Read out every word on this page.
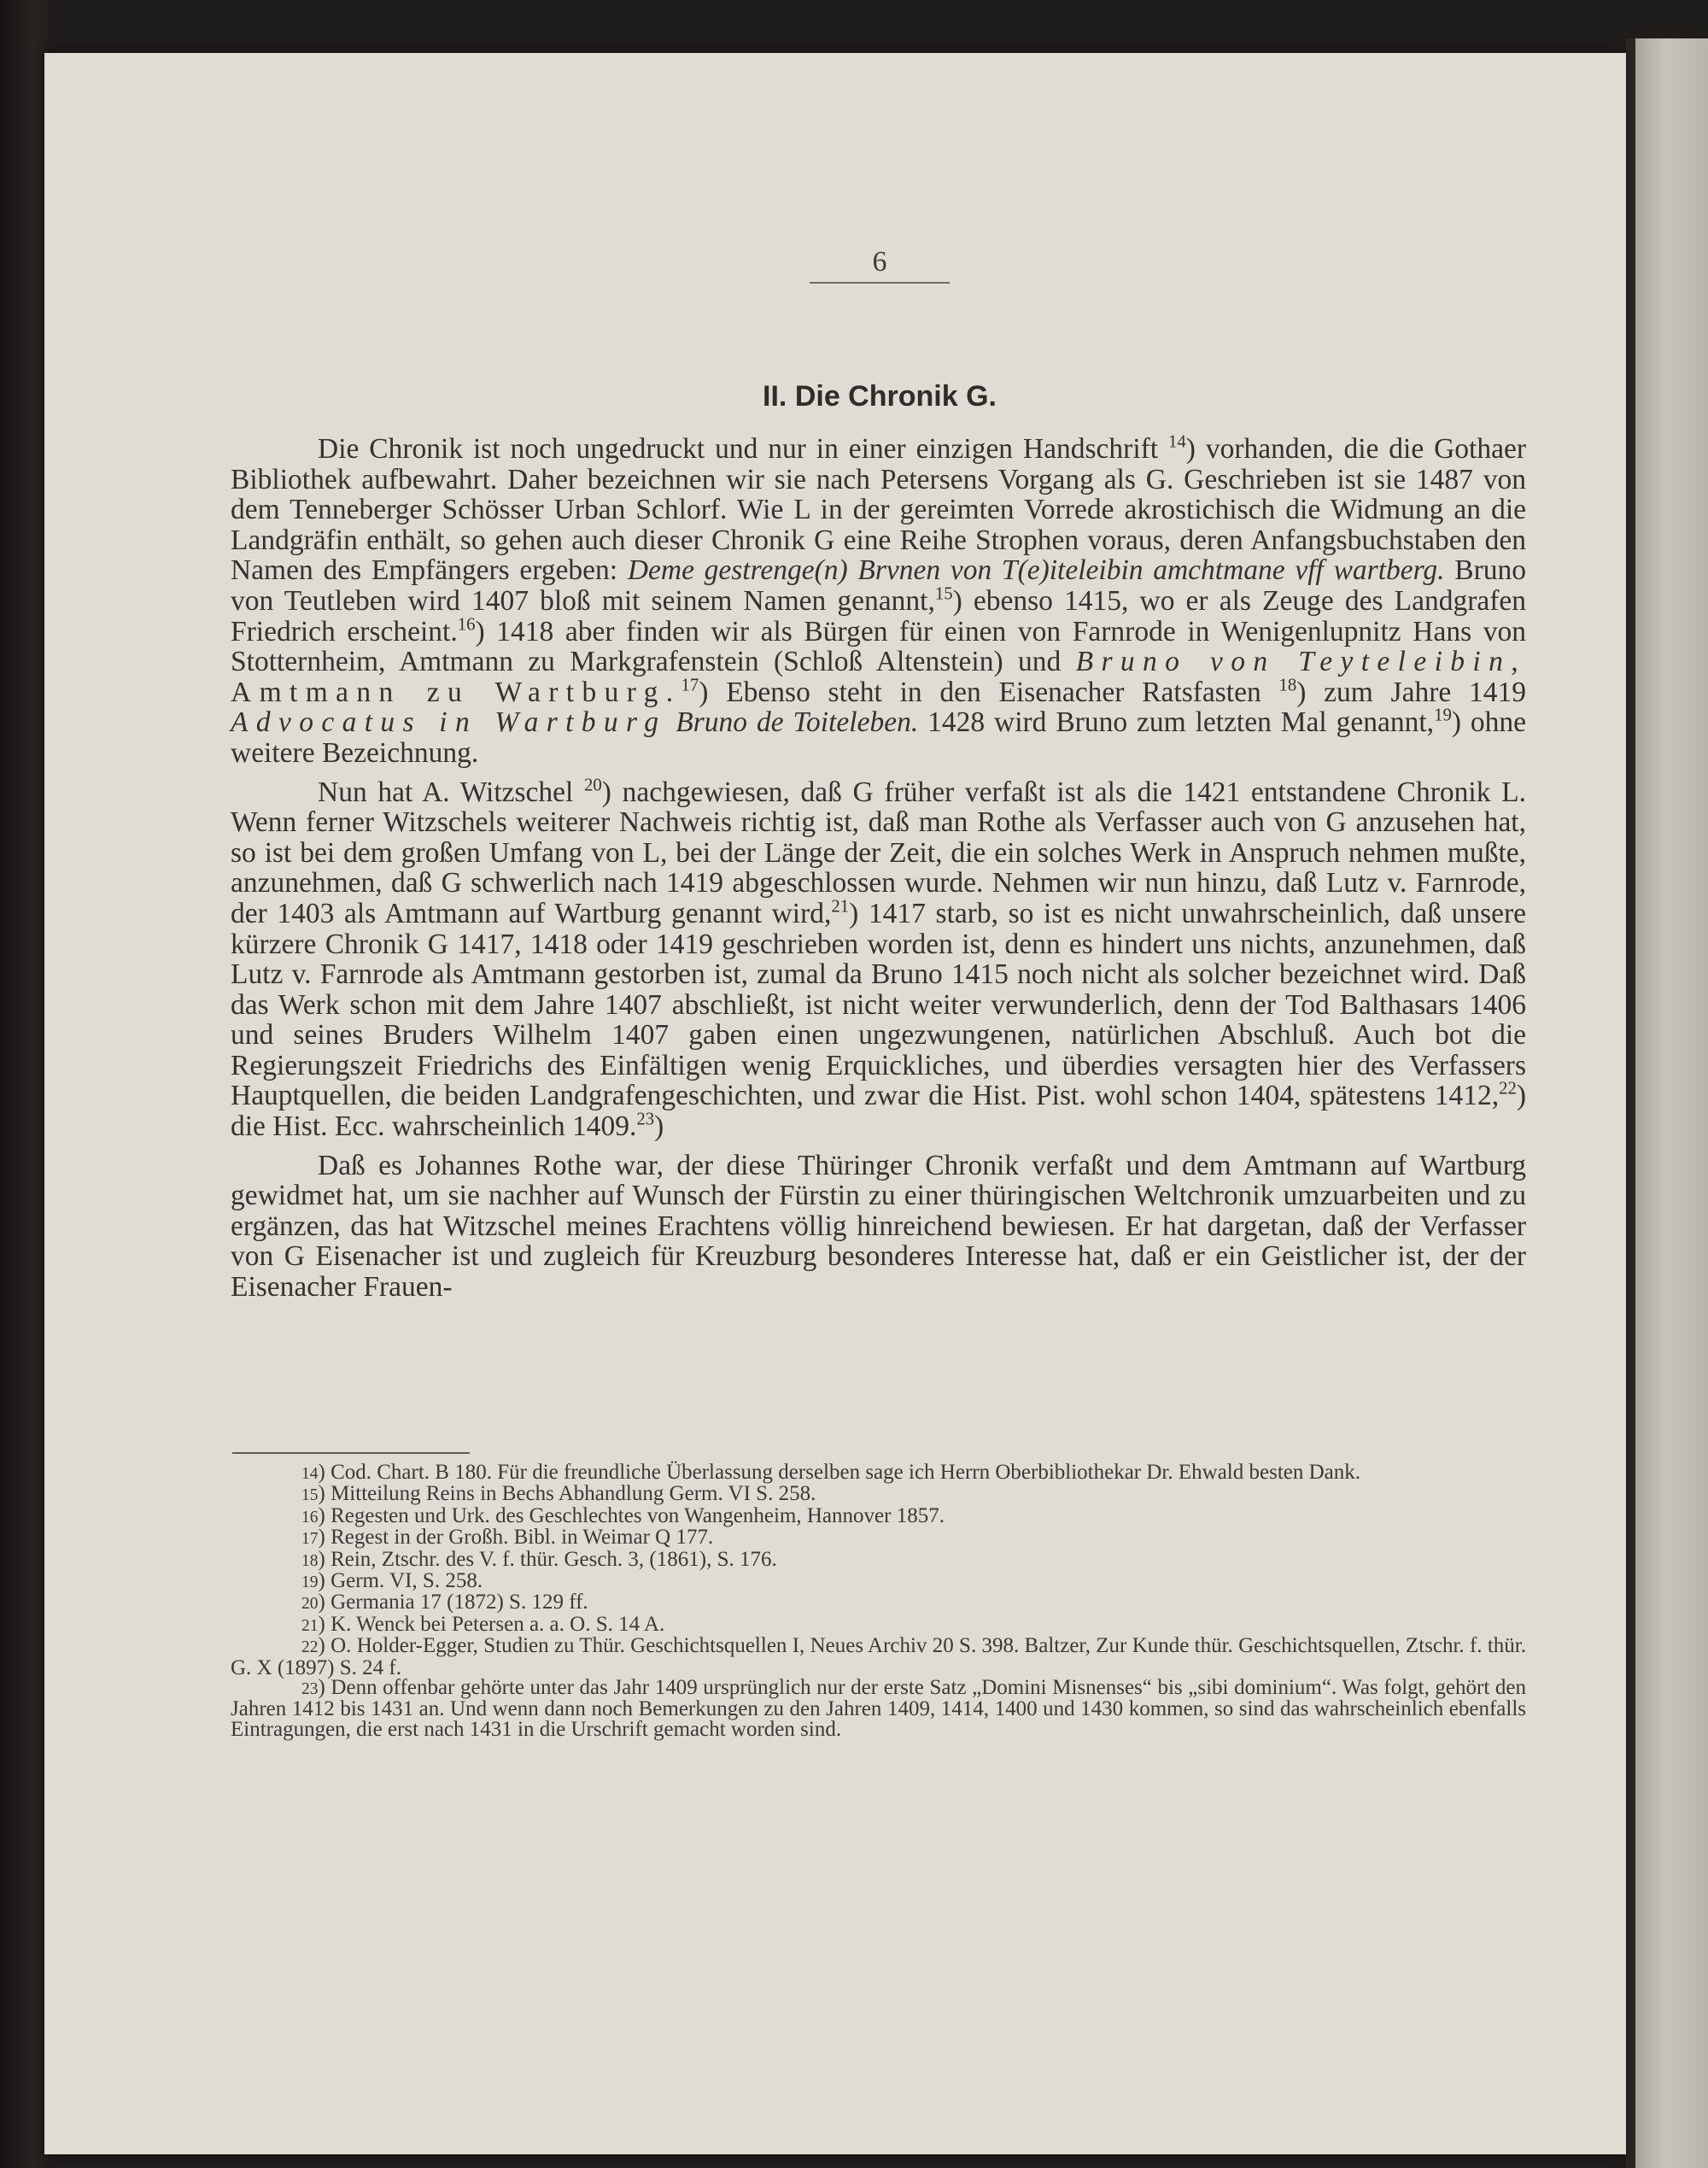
6
II. Die Chronik G.

Die Chronik ist noch ungedruckt und nur in einer einzigen Handschrift $^{14}$) vorhanden, die die Gothaer Bibliothek aufbewahrt. Daher bezeichnen wir sie nach Petersens Vorgang als G. Geschrieben ist sie 1487 von dem Tenneberger Schösser Urban Schlorf. Wie L in der gereimten Vorrede akrostichisch die Widmung an die Landgräfin enthält, so gehen auch dieser Chronik G eine Reihe Strophen voraus, deren Anfangsbuchstaben den Namen des Empfängers ergeben: Deme gestrenge(n) Brvnen von T(e)iteleibin amchtmane vff wartberg. Bruno von Teutleben wird 1407 bloß mit seinem Namen genannt,$^{15}$) ebenso 1415, wo er als Zeuge des Landgrafen Friedrich erscheint.$^{16}$) 1418 aber finden wir als Bürgen für einen von Farnrode in Wenigenlupnitz Hans von Stotternheim, Amtmann zu Markgrafenstein (Schloß Altenstein) und Bruno von Teyteleibin, Amtmann zu Wartburg.$^{17}$) Ebenso steht in den Eisenacher Ratsfasten $^{18}$) zum Jahre 1419 Advocatus in Wartburg Bruno de Toiteleben. 1428 wird Bruno zum letzten Mal genannt,$^{19}$) ohne weitere Bezeichnung.

Nun hat A. Witzschel $^{20}$) nachgewiesen, daß G früher verfaßt ist als die 1421 entstandene Chronik L. Wenn ferner Witzschels weiterer Nachweis richtig ist, daß man Rothe als Verfasser auch von G anzusehen hat, so ist bei dem großen Umfang von L, bei der Länge der Zeit, die ein solches Werk in Anspruch nehmen mußte, anzunehmen, daß G schwerlich nach 1419 abgeschlossen wurde. Nehmen wir nun hinzu, daß Lutz v. Farnrode, der 1403 als Amtmann auf Wartburg genannt wird,$^{21}$) 1417 starb, so ist es nicht unwahrscheinlich, daß unsere kürzere Chronik G 1417, 1418 oder 1419 geschrieben worden ist, denn es hindert uns nichts, anzunehmen, daß Lutz v. Farnrode als Amtmann gestorben ist, zumal da Bruno 1415 noch nicht als solcher bezeichnet wird. Daß das Werk schon mit dem Jahre 1407 abschließt, ist nicht weiter verwunderlich, denn der Tod Balthasars 1406 und seines Bruders Wilhelm 1407 gaben einen ungezwungenen, natürlichen Abschluß. Auch bot die Regierungszeit Friedrichs des Einfältigen wenig Erquickliches, und überdies versagten hier des Verfassers Hauptquellen, die beiden Landgrafengeschichten, und zwar die Hist. Pist. wohl schon 1404, spätestens 1412,22) die Hist. Ecc. wahrscheinlich 1409.23)

Daß es Johannes Rothe war, der diese Thüringer Chronik verfaßt und dem Amtmann auf Wartburg gewidmet hat, um sie nachher auf Wunsch der Fürstin zu einer thüringischen Weltchronik umzuarbeiten und zu ergänzen, das hat Witzschel meines Erachtens völlig hinreichend bewiesen. Er hat dargetan, daß der Verfasser von G Eisenacher ist und zugleich für Kreuzburg besonderes Interesse hat, daß er ein Geistlicher ist, der der Eisenacher Frauen-

14) Cod. Chart. B 180. Für die freundliche Überlassung derselben sage ich Herrn Oberbibliothekar Dr. Ehwald besten Dank.

15) Mitteilung Reins in Bechs Abhandlung Germ. VI S. 258.

16) Regesten und Urk. des Geschlechtes von Wangenheim, Hannover 1857.

17) Regest in der Großh. Bibl. in Weimar Q 177.

18) Rein, Ztschr. des V. f. thür. Gesch. 3, (1861), S. 176.

19) Germ. VI, S. 258.

20) Germania 17 (1872) S. 129 ff.

21) K. Wenck bei Petersen a. a. O. S. 14 A.

22) O. Holder-Egger, Studien zu Thür. Geschichtsquellen I, Neues Archiv 20 S. 398. Baltzer, Zur Kunde thür. Geschichtsquellen, Ztschr. f. thür. G. X (1897) S. 24 f.

23) Denn offenbar gehörte unter das Jahr 1409 ursprünglich nur der erste Satz „Domini Misnenses“ bis „sibi dominium“. Was folgt, gehört den Jahren 1412 bis 1431 an. Und wenn dann noch Bemerkungen zu den Jahren 1409, 1414, 1400 und 1430 kommen, so sind das wahrscheinlich ebenfalls Eintragungen, die erst nach 1431 in die Urschrift gemacht worden sind.
